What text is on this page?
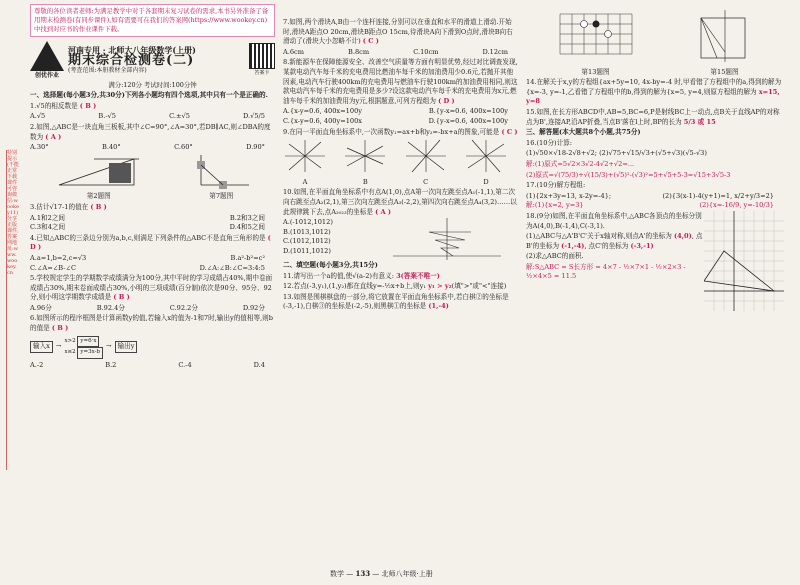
特别提示(不能正常下载课件可咨询微信:wookey11)分享正版课件,答案网地址:www.wookey.cn
尊敬的各位读者老师:为满足教学中对于各套期末复习试卷的需求,本书另外准备了备用期末检测卷(有同步课件),如有需要可在我们的答案网(https://www.wookey.cn)中找到对应书的作业课件下载。
创优作业
河南专用 · 北师大八年级数学(上册)
期末综合检测卷(二)
(考查范围:本册教材全部内容)	答案卡
满分:120分 考试时间:100分钟
一、选择题(每小题3分,共30分)下列各小题均有四个选项,其中只有一个是正确的.
1.√5的相反数是 ( B )
A.√5	B.-√5	C.±√5	D.√5/5
2.如图,△ABC是一块直角三板板,其中∠C=90°,∠A=30°,若DB∥AC,则∠DBA的度数为 ( A )
A.30°	B.40°	C.60°	D.90°
第2题图	第7题图
3.估计√17-1的值在 ( B )
A.1和2之间	B.2和3之间
C.3和4之间	D.4和5之间
4.已知△ABC的三条边分别为a,b,c,则满足下列条件的△ABC不是直角三角形的是 ( D )
A.a=1,b=2,c=√3	B.a²-b²=c²
C.∠A=∠B-∠C	D.∠A:∠B:∠C=3:4:5
5.学校规定学生的学期数学成绩满分为100分,其中平时的学习成绩占40%,期中卷面成绩占30%,期末卷面成绩占30%,小明的三项成绩(百分制)依次是90分、95分、92分,则小明这学期数学成绩是 ( B )
A.96分	B.92.4分	C.92.2分	D.92分
6.如图所示的程序框图是计算函数y的值,若输入x的值为-1和7时,输出y的值相等,则b的值是 ( B )
输入x →
x>2 y=6·x
x≤2 y=3x-b
→ 输出y
A.-2	B.2	C.-4	D.4
7.如图,两个滑块A,B由一个连杆连接,分别可以在垂直和水平的滑道上滑动.开始时,滑块A距点O 20cm,滑块B距点O 15cm,待滑块A向下滑到O点时,滑块B向右滑动了(滑块大小忽略不计) ( C )
A.6cm	B.8cm	C.10cm	D.12cm
8.新能源车在保障能源安全、改善空气质量等方面有明显优势,经过对比调查发现,某款电动汽车每千米的充电费用比燃油车每千米的加油费用少0.6元,若抛开其他因素,电动汽车行驶400km的充电费用与燃油车行驶100km的加油费用相同,则这款电动汽车每千米的充电费用是多少?设这款电动汽车每千米的充电费用为x元,燃油车每千米的加油费用为y元,根据题意,可列方程组为 ( D )
A.{x-y=0.6, 400x=100y	B.{y-x=0.6, 400x=100y
C.{x-y=0.6, 400y=100x	D.{y-x=0.6, 400x=100y
9.在同一平面直角坐标系中,一次函数y₁=ax+b和y₂=-bx+a的图象,可能是 ( C )
A	B	C	D
10.如图,在平面直角坐标系中有点A(1,0),点A第一次向左跳至点A₁(-1,1),第二次向右跳至点A₂(2,1),第三次向左跳至点A₃(-2,2),第四次向右跳至点A₄(3,2)……以此规律跳下去,点A₂₀₂₃的坐标是 ( A )
A.(-1012,1012)
B.(1013,1012)
C.(1012,1012)
D.(1011,1012)
二、填空题(每小题3分,共15分)
11.请写出一个a的值,使√(a-2)有意义: 3(答案不唯一)
12.若点(-3,y₁),(1,y₂)都在直线y=-½x+b上,则y₁ y₁ > y₂(填">"或"<"连接)
13.如图是围棋棋盘的一部分,将它放置在平面直角坐标系中,若白棋②的坐标是(-3,-1),白棋③的坐标是(-2,-5),则黑棋①的坐标是 (1,-4)
第13题图	第15题图
14.在解关于x,y的方程组{ax+5y=10, 4x-by=-4 时,甲看错了方程组中的a,得到的解为{x=-3, y=-1,乙看错了方程组中的b,得到的解为{x=5, y=4,则原方程组的解为 x=15, y=8
15.如图,在长方形ABCD中,AB=5,BC=6,P是射线BC上一动点,点B关于直线AP的对称点为B',连接AP,沿AP折叠,当点B'落在l上时,BP的长为 5/3 或 15
三、解答题(本大题共8个小题,共75分)
16.(10分)计算:
(1)√50×√18-2√8+√2; (2)√75+√15/√3+(√5+√3)(√5-√3)
解:(1)原式=5√2×3√2-4√2+√2=...
(2)原式=√(75/3)+√(15/3)+(√5)²-(√3)²=5+√5+5-3=√15+3√5-3
17.(10分)解方程组:
(1){2x+3y=13, x-2y=-4};	(2){3(x-1)-4(y+1)=1, x/2+y/3=2}
解:(1){x=2, y=3}	(2){x=-16/9, y=-10/3}
18.(9分)如图,在平面直角坐标系中,△ABC各顶点的坐标分别为A(4,0),B(-1,4),C(-3,1).
(1)△ABC与△A'B'C'关于x轴对称,则点A'的坐标为 (4,0), 点B'的坐标为 (-1,-4), 点C'的坐标为 (-3,-1)
(2)求△ABC的面积.
解:S△ABC = S长方形 = 4×7 - ½×7×1 - ½×2×3 - ½×4×5 = 11.5
数学 — 133 — 北师八年级·上册
